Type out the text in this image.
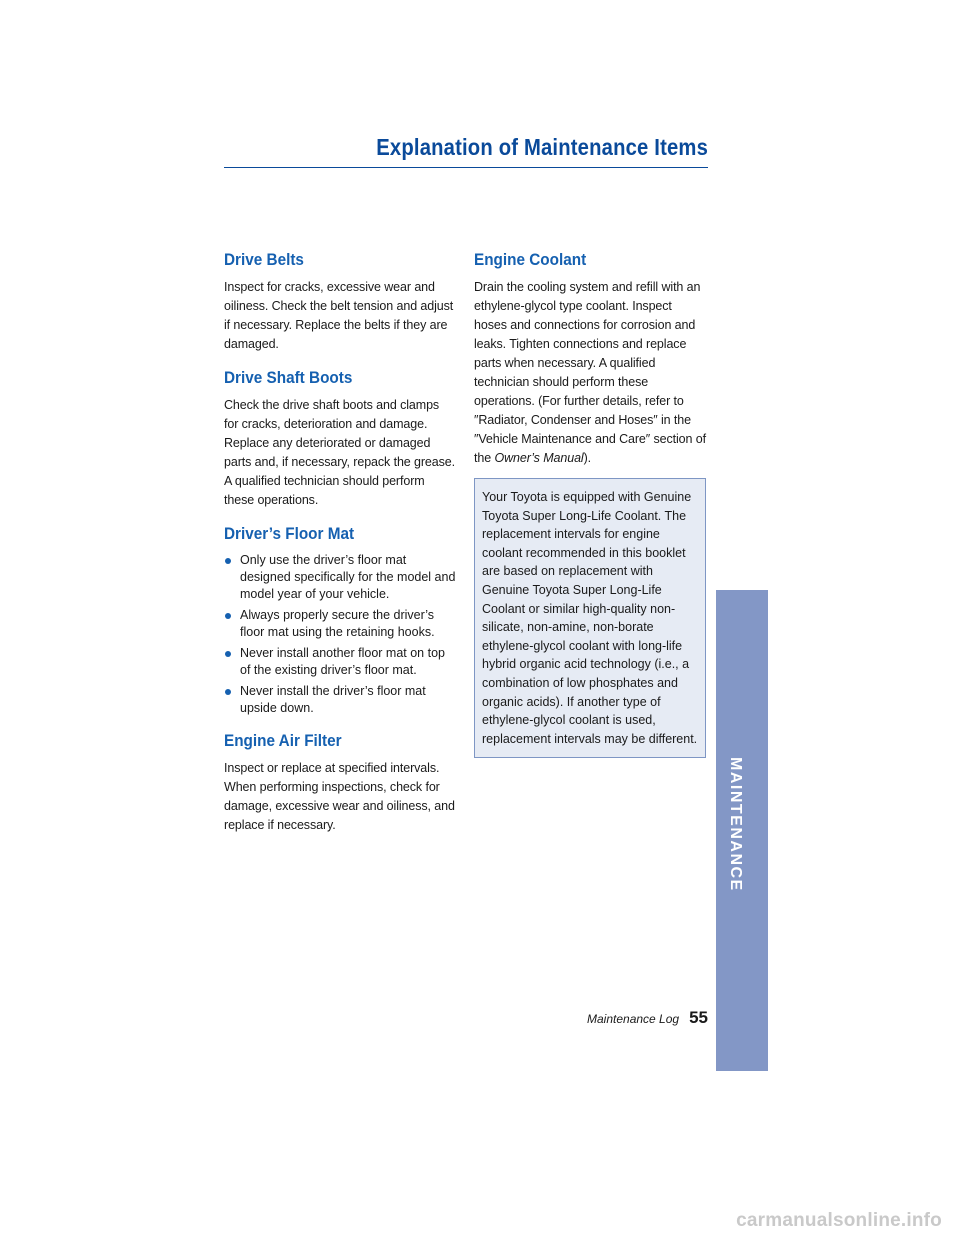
Explanation of Maintenance Items
Drive Belts

Inspect for cracks, excessive wear and oiliness. Check the belt tension and adjust if necessary. Replace the belts if they are damaged.

Drive Shaft Boots

Check the drive shaft boots and clamps for cracks, deterioration and damage. Replace any deteriorated or damaged parts and, if necessary, repack the grease. A qualified technician should perform these operations.

Driver’s Floor Mat
Only use the driver’s floor mat designed specifically for the model and model year of your vehicle.
Always properly secure the driver’s floor mat using the retaining hooks.
Never install another floor mat on top of the existing driver’s floor mat.
Never install the driver’s floor mat upside down.
Engine Air Filter

Inspect or replace at specified intervals. When performing inspections, check for damage, excessive wear and oiliness, and replace if necessary.

Engine Coolant

Drain the cooling system and refill with an ethylene-glycol type coolant. Inspect hoses and connections for corrosion and leaks. Tighten connections and replace parts when necessary. A qualified technician should perform these operations. (For further details, refer to ″Radiator, Condenser and Hoses″ in the ″Vehicle Maintenance and Care″ section of the Owner’s Manual).

Your Toyota is equipped with Genuine Toyota Super Long-Life Coolant. The replacement intervals for engine coolant recommended in this booklet are based on replacement with Genuine Toyota Super Long-Life Coolant or similar high-quality non-silicate, non-amine, non-borate ethylene-glycol coolant with long-life hybrid organic acid technology (i.e., a combination of low phosphates and organic acids). If another type of ethylene-glycol coolant is used, replacement intervals may be different.

MAINTENANCE
Maintenance Log 55
carmanualsonline.info
